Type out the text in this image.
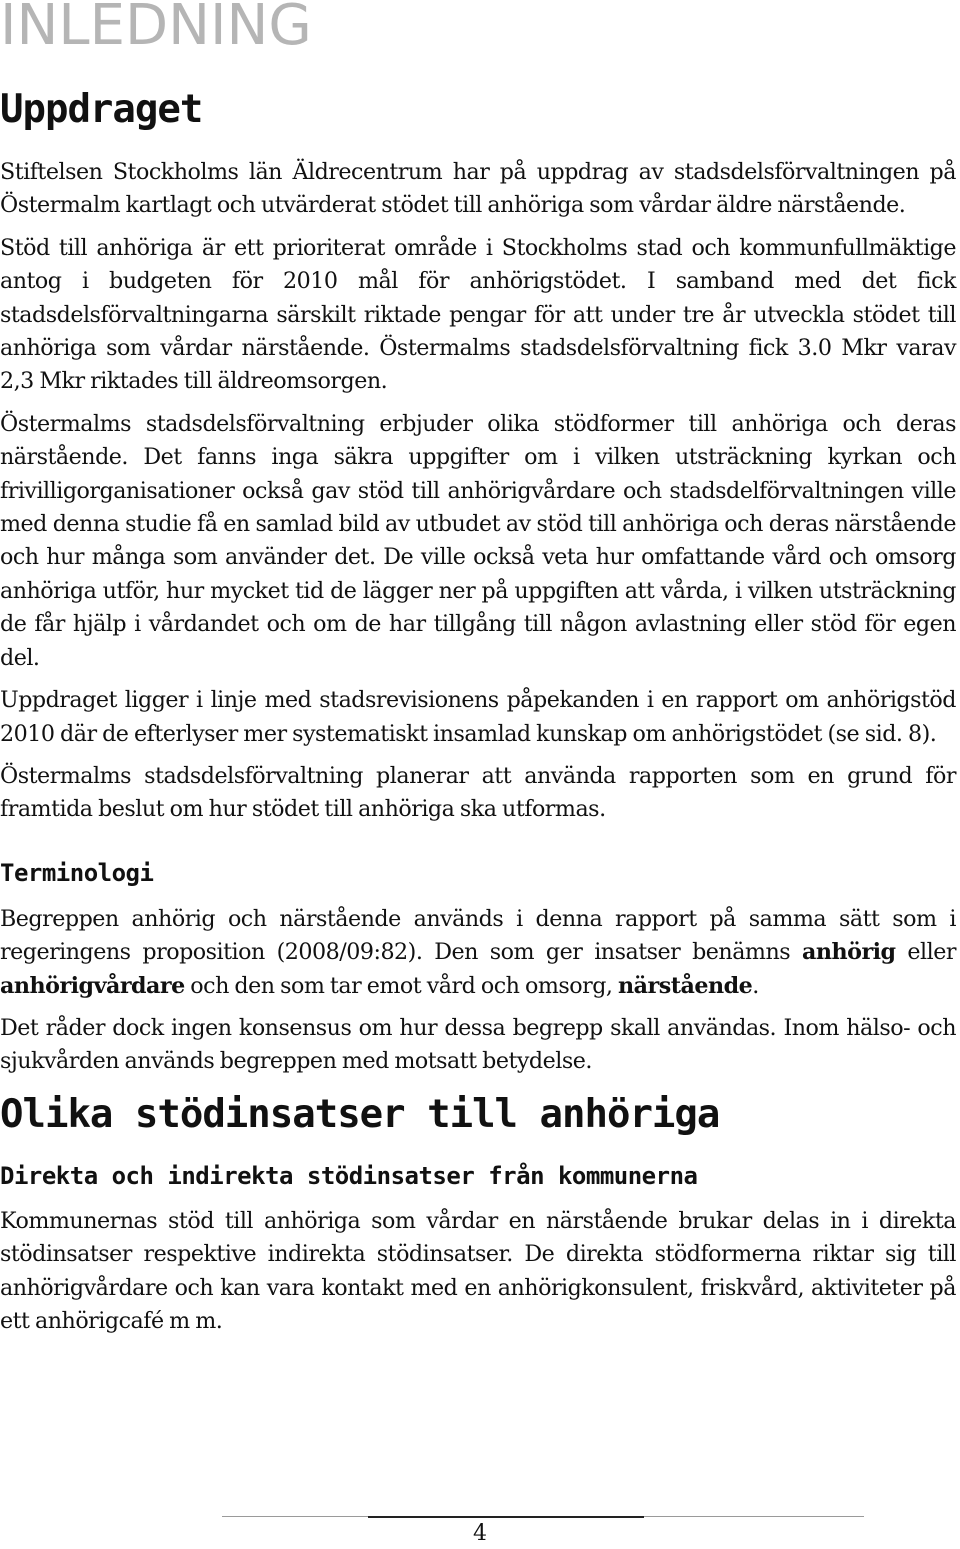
INLEDNING
Uppdraget

Stiftelsen Stockholms län Äldrecentrum har på uppdrag av stadsdelsförvaltningen på Östermalm kartlagt och utvärderat stödet till anhöriga som vårdar äldre närstående.

Stöd till anhöriga är ett prioriterat område i Stockholms stad och kommunfullmäktige antog i budgeten för 2010 mål för anhörigstödet. I samband med det fick stadsdelsförvaltningarna särskilt riktade pengar för att under tre år utveckla stödet till anhöriga som vårdar närstående. Östermalms stadsdelsförvaltning fick 3.0 Mkr varav 2,3 Mkr riktades till äldreomsorgen.

Östermalms stadsdelsförvaltning erbjuder olika stödformer till anhöriga och deras närstående. Det fanns inga säkra uppgifter om i vilken utsträckning kyrkan och frivilligorganisationer också gav stöd till anhörigvårdare och stadsdelförvaltningen ville med denna studie få en samlad bild av utbudet av stöd till anhöriga och deras närstående och hur många som använder det. De ville också veta hur omfattande vård och omsorg anhöriga utför, hur mycket tid de lägger ner på uppgiften att vårda, i vilken utsträckning de får hjälp i vårdandet och om de har tillgång till någon avlastning eller stöd för egen del.

Uppdraget ligger i linje med stadsrevisionens påpekanden i en rapport om anhörigstöd 2010 där de efterlyser mer systematiskt insamlad kunskap om anhörigstödet (se sid. 8).

Östermalms stadsdelsförvaltning planerar att använda rapporten som en grund för framtida beslut om hur stödet till anhöriga ska utformas.

Terminologi

Begreppen anhörig och närstående används i denna rapport på samma sätt som i regeringens proposition (2008/09:82). Den som ger insatser benämns anhörig eller anhörigvårdare och den som tar emot vård och omsorg, närstående.

Det råder dock ingen konsensus om hur dessa begrepp skall användas. Inom hälso- och sjukvården används begreppen med motsatt betydelse.

Olika stödinsatser till anhöriga
Direkta och indirekta stödinsatser från kommunerna

Kommunernas stöd till anhöriga som vårdar en närstående brukar delas in i direkta stödinsatser respektive indirekta stödinsatser. De direkta stödformerna riktar sig till anhörigvårdare och kan vara kontakt med en anhörigkonsulent, friskvård, aktiviteter på ett anhörigcafé m m.

4
